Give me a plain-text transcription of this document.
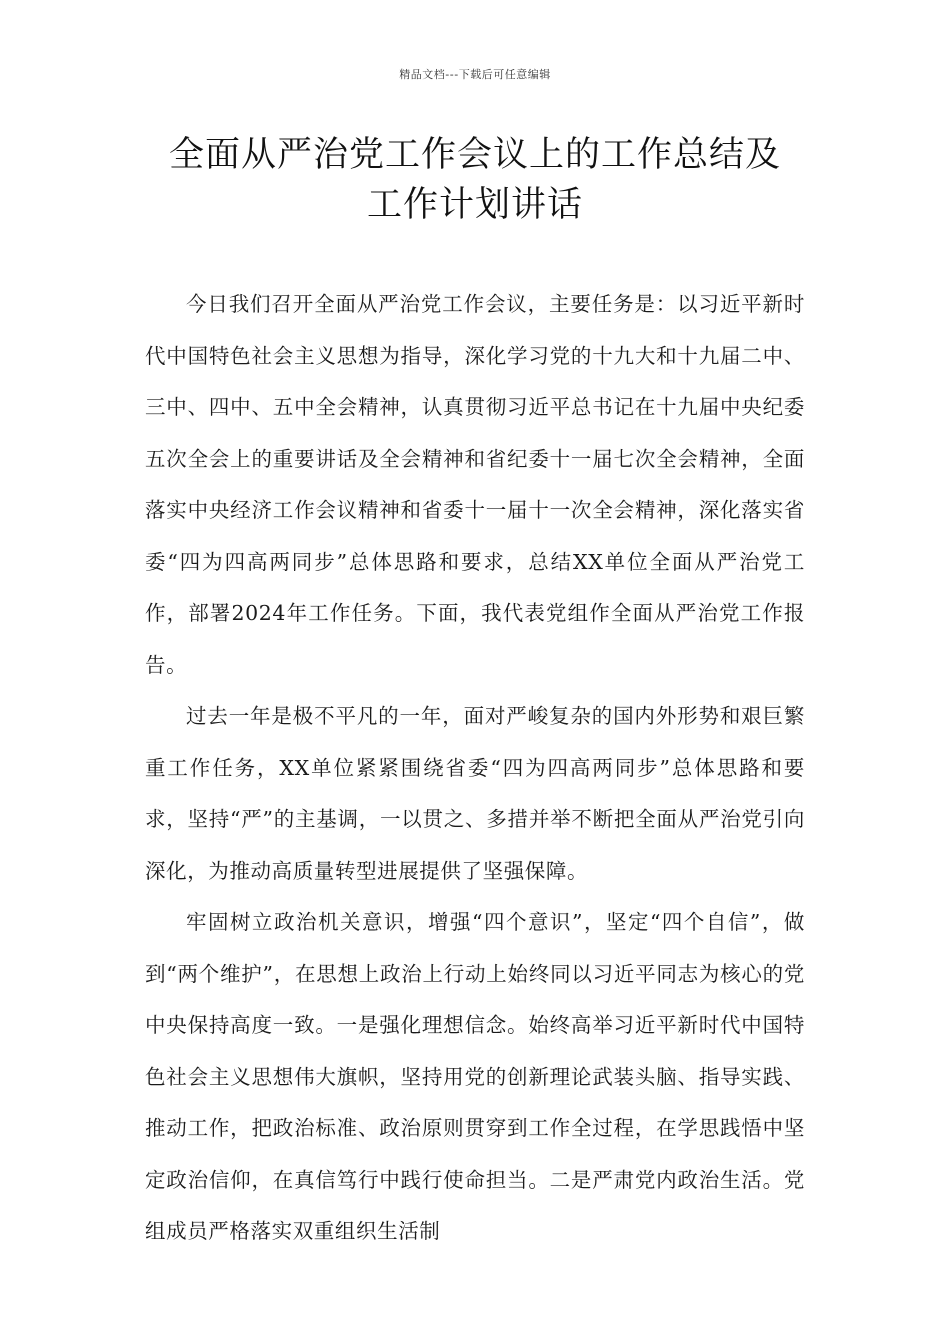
精品文档---下载后可任意编辑
全面从严治党工作会议上的工作总结及
工作计划讲话

今日我们召开全面从严治党工作会议，主要任务是：以习近平新时代中国特色社会主义思想为指导，深化学习党的十九大和十九届二中、三中、四中、五中全会精神，认真贯彻习近平总书记在十九届中央纪委五次全会上的重要讲话及全会精神和省纪委十一届七次全会精神，全面落实中央经济工作会议精神和省委十一届十一次全会精神，深化落实省委“四为四高两同步”总体思路和要求，总结XX单位全面从严治党工作，部署2024年工作任务。下面，我代表党组作全面从严治党工作报告。

过去一年是极不平凡的一年，面对严峻复杂的国内外形势和艰巨繁重工作任务，XX单位紧紧围绕省委“四为四高两同步”总体思路和要求，坚持“严”的主基调，一以贯之、多措并举不断把全面从严治党引向深化，为推动高质量转型进展提供了坚强保障。

牢固树立政治机关意识，增强“四个意识”，坚定“四个自信”，做到“两个维护”，在思想上政治上行动上始终同以习近平同志为核心的党中央保持高度一致。一是强化理想信念。始终高举习近平新时代中国特色社会主义思想伟大旗帜，坚持用党的创新理论武装头脑、指导实践、推动工作，把政治标准、政治原则贯穿到工作全过程，在学思践悟中坚定政治信仰，在真信笃行中践行使命担当。二是严肃党内政治生活。党组成员严格落实双重组织生活制
